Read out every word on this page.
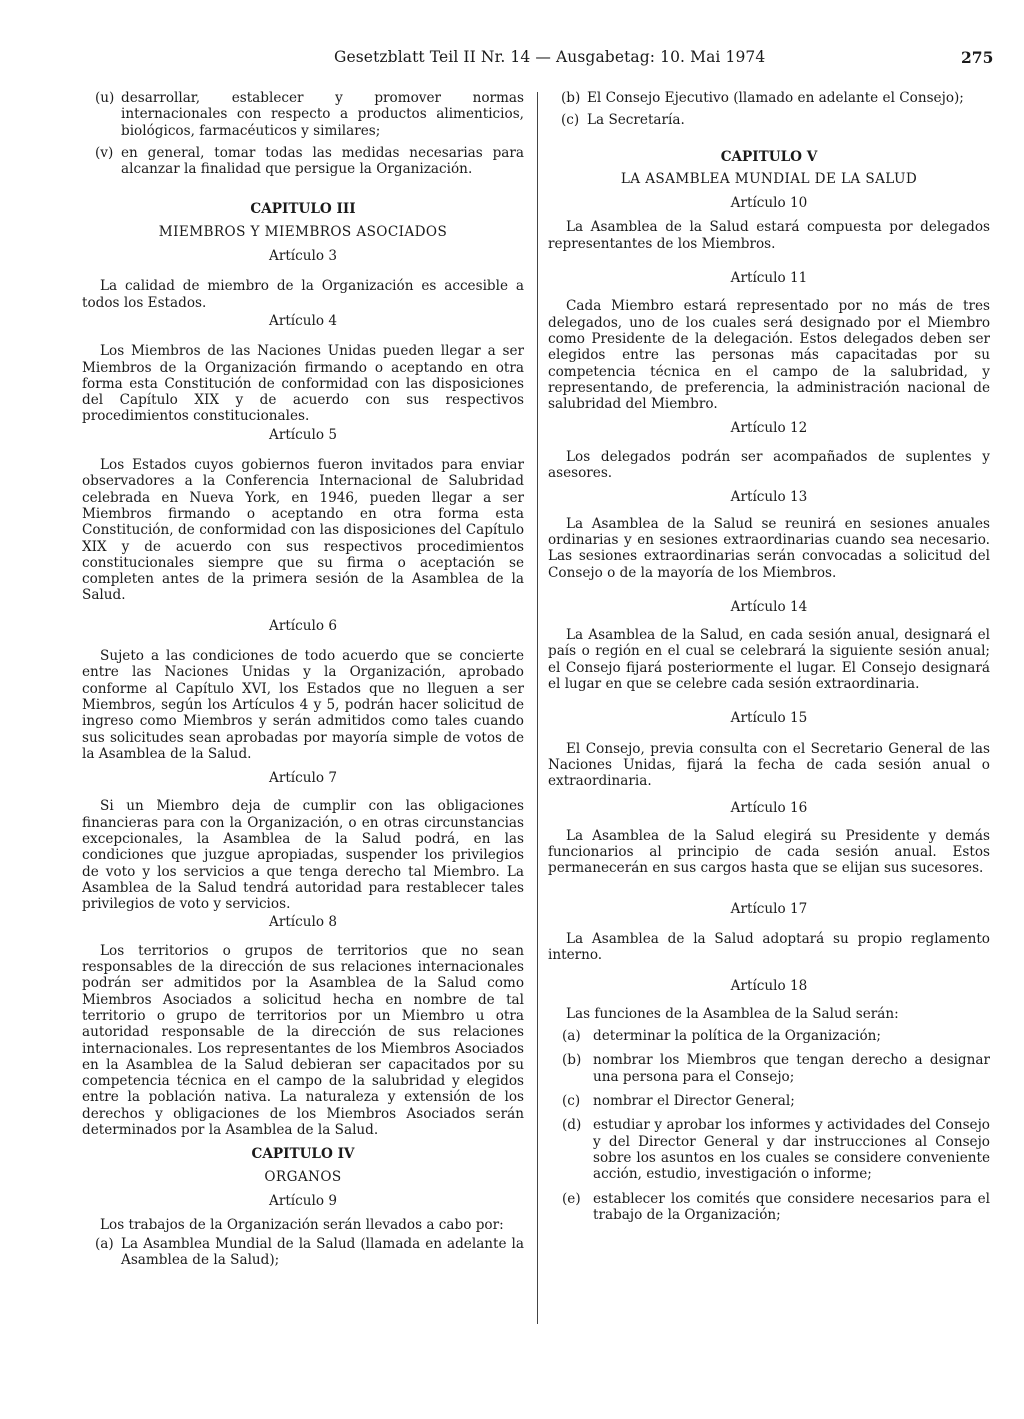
Gesetzblatt Teil II Nr. 14 — Ausgabetag: 10. Mai 1974	275
(u) desarrollar, establecer y promover normas internacionales con respecto a productos alimenticios, biológicos, farmacéuticos y similares;
(v) en general, tomar todas las medidas necesarias para alcanzar la finalidad que persigue la Organización.

CAPITULO III

MIEMBROS Y MIEMBROS ASOCIADOS

Artículo 3

La calidad de miembro de la Organización es accesible a todos los Estados.

Artículo 4

Los Miembros de las Naciones Unidas pueden llegar a ser Miembros de la Organización firmando o aceptando en otra forma esta Constitución de conformidad con las disposiciones del Capítulo XIX y de acuerdo con sus respectivos procedimientos constitucionales.

Artículo 5

Los Estados cuyos gobiernos fueron invitados para enviar observadores a la Conferencia Internacional de Salubridad celebrada en Nueva York, en 1946, pueden llegar a ser Miembros firmando o aceptando en otra forma esta Constitución, de conformidad con las disposiciones del Capítulo XIX y de acuerdo con sus respectivos procedimientos constitucionales siempre que su firma o aceptación se completen antes de la primera sesión de la Asamblea de la Salud.

Artículo 6

Sujeto a las condiciones de todo acuerdo que se concierte entre las Naciones Unidas y la Organización, aprobado conforme al Capítulo XVI, los Estados que no lleguen a ser Miembros, según los Artículos 4 y 5, podrán hacer solicitud de ingreso como Miembros y serán admitidos como tales cuando sus solicitudes sean aprobadas por mayoría simple de votos de la Asamblea de la Salud.

Artículo 7

Si un Miembro deja de cumplir con las obligaciones financieras para con la Organización, o en otras circunstancias excepcionales, la Asamblea de la Salud podrá, en las condiciones que juzgue apropiadas, suspender los privilegios de voto y los servicios a que tenga derecho tal Miembro. La Asamblea de la Salud tendrá autoridad para restablecer tales privilegios de voto y servicios.

Artículo 8

Los territorios o grupos de territorios que no sean responsables de la dirección de sus relaciones internacionales podrán ser admitidos por la Asamblea de la Salud como Miembros Asociados a solicitud hecha en nombre de tal territorio o grupo de territorios por un Miembro u otra autoridad responsable de la dirección de sus relaciones internacionales. Los representantes de los Miembros Asociados en la Asamblea de la Salud debieran ser capacitados por su competencia técnica en el campo de la salubridad y elegidos entre la población nativa. La naturaleza y extensión de los derechos y obligaciones de los Miembros Asociados serán determinados por la Asamblea de la Salud.

CAPITULO IV

ORGANOS

Artículo 9

Los trabajos de la Organización serán llevados a cabo por:

(a) La Asamblea Mundial de la Salud (llamada en adelante la Asamblea de la Salud);
(b) El Consejo Ejecutivo (llamado en adelante el Consejo);
(c) La Secretaría.

CAPITULO V

LA ASAMBLEA MUNDIAL DE LA SALUD

Artículo 10

La Asamblea de la Salud estará compuesta por delegados representantes de los Miembros.

Artículo 11

Cada Miembro estará representado por no más de tres delegados, uno de los cuales será designado por el Miembro como Presidente de la delegación. Estos delegados deben ser elegidos entre las personas más capacitadas por su competencia técnica en el campo de la salubridad, y representando, de preferencia, la administración nacional de salubridad del Miembro.

Artículo 12

Los delegados podrán ser acompañados de suplentes y asesores.

Artículo 13

La Asamblea de la Salud se reunirá en sesiones anuales ordinarias y en sesiones extraordinarias cuando sea necesario. Las sesiones extraordinarias serán convocadas a solicitud del Consejo o de la mayoría de los Miembros.

Artículo 14

La Asamblea de la Salud, en cada sesión anual, designará el país o región en el cual se celebrará la siguiente sesión anual; el Consejo fijará posteriormente el lugar. El Consejo designará el lugar en que se celebre cada sesión extraordinaria.

Artículo 15

El Consejo, previa consulta con el Secretario General de las Naciones Unidas, fijará la fecha de cada sesión anual o extraordinaria.

Artículo 16

La Asamblea de la Salud elegirá su Presidente y demás funcionarios al principio de cada sesión anual. Estos permanecerán en sus cargos hasta que se elijan sus sucesores.

Artículo 17

La Asamblea de la Salud adoptará su propio reglamento interno.

Artículo 18

Las funciones de la Asamblea de la Salud serán:

(a) determinar la política de la Organización;
(b) nombrar los Miembros que tengan derecho a designar una persona para el Consejo;
(c) nombrar el Director General;
(d) estudiar y aprobar los informes y actividades del Consejo y del Director General y dar instrucciones al Consejo sobre los asuntos en los cuales se considere conveniente acción, estudio, investigación o informe;
(e) establecer los comités que considere necesarios para el trabajo de la Organización;
